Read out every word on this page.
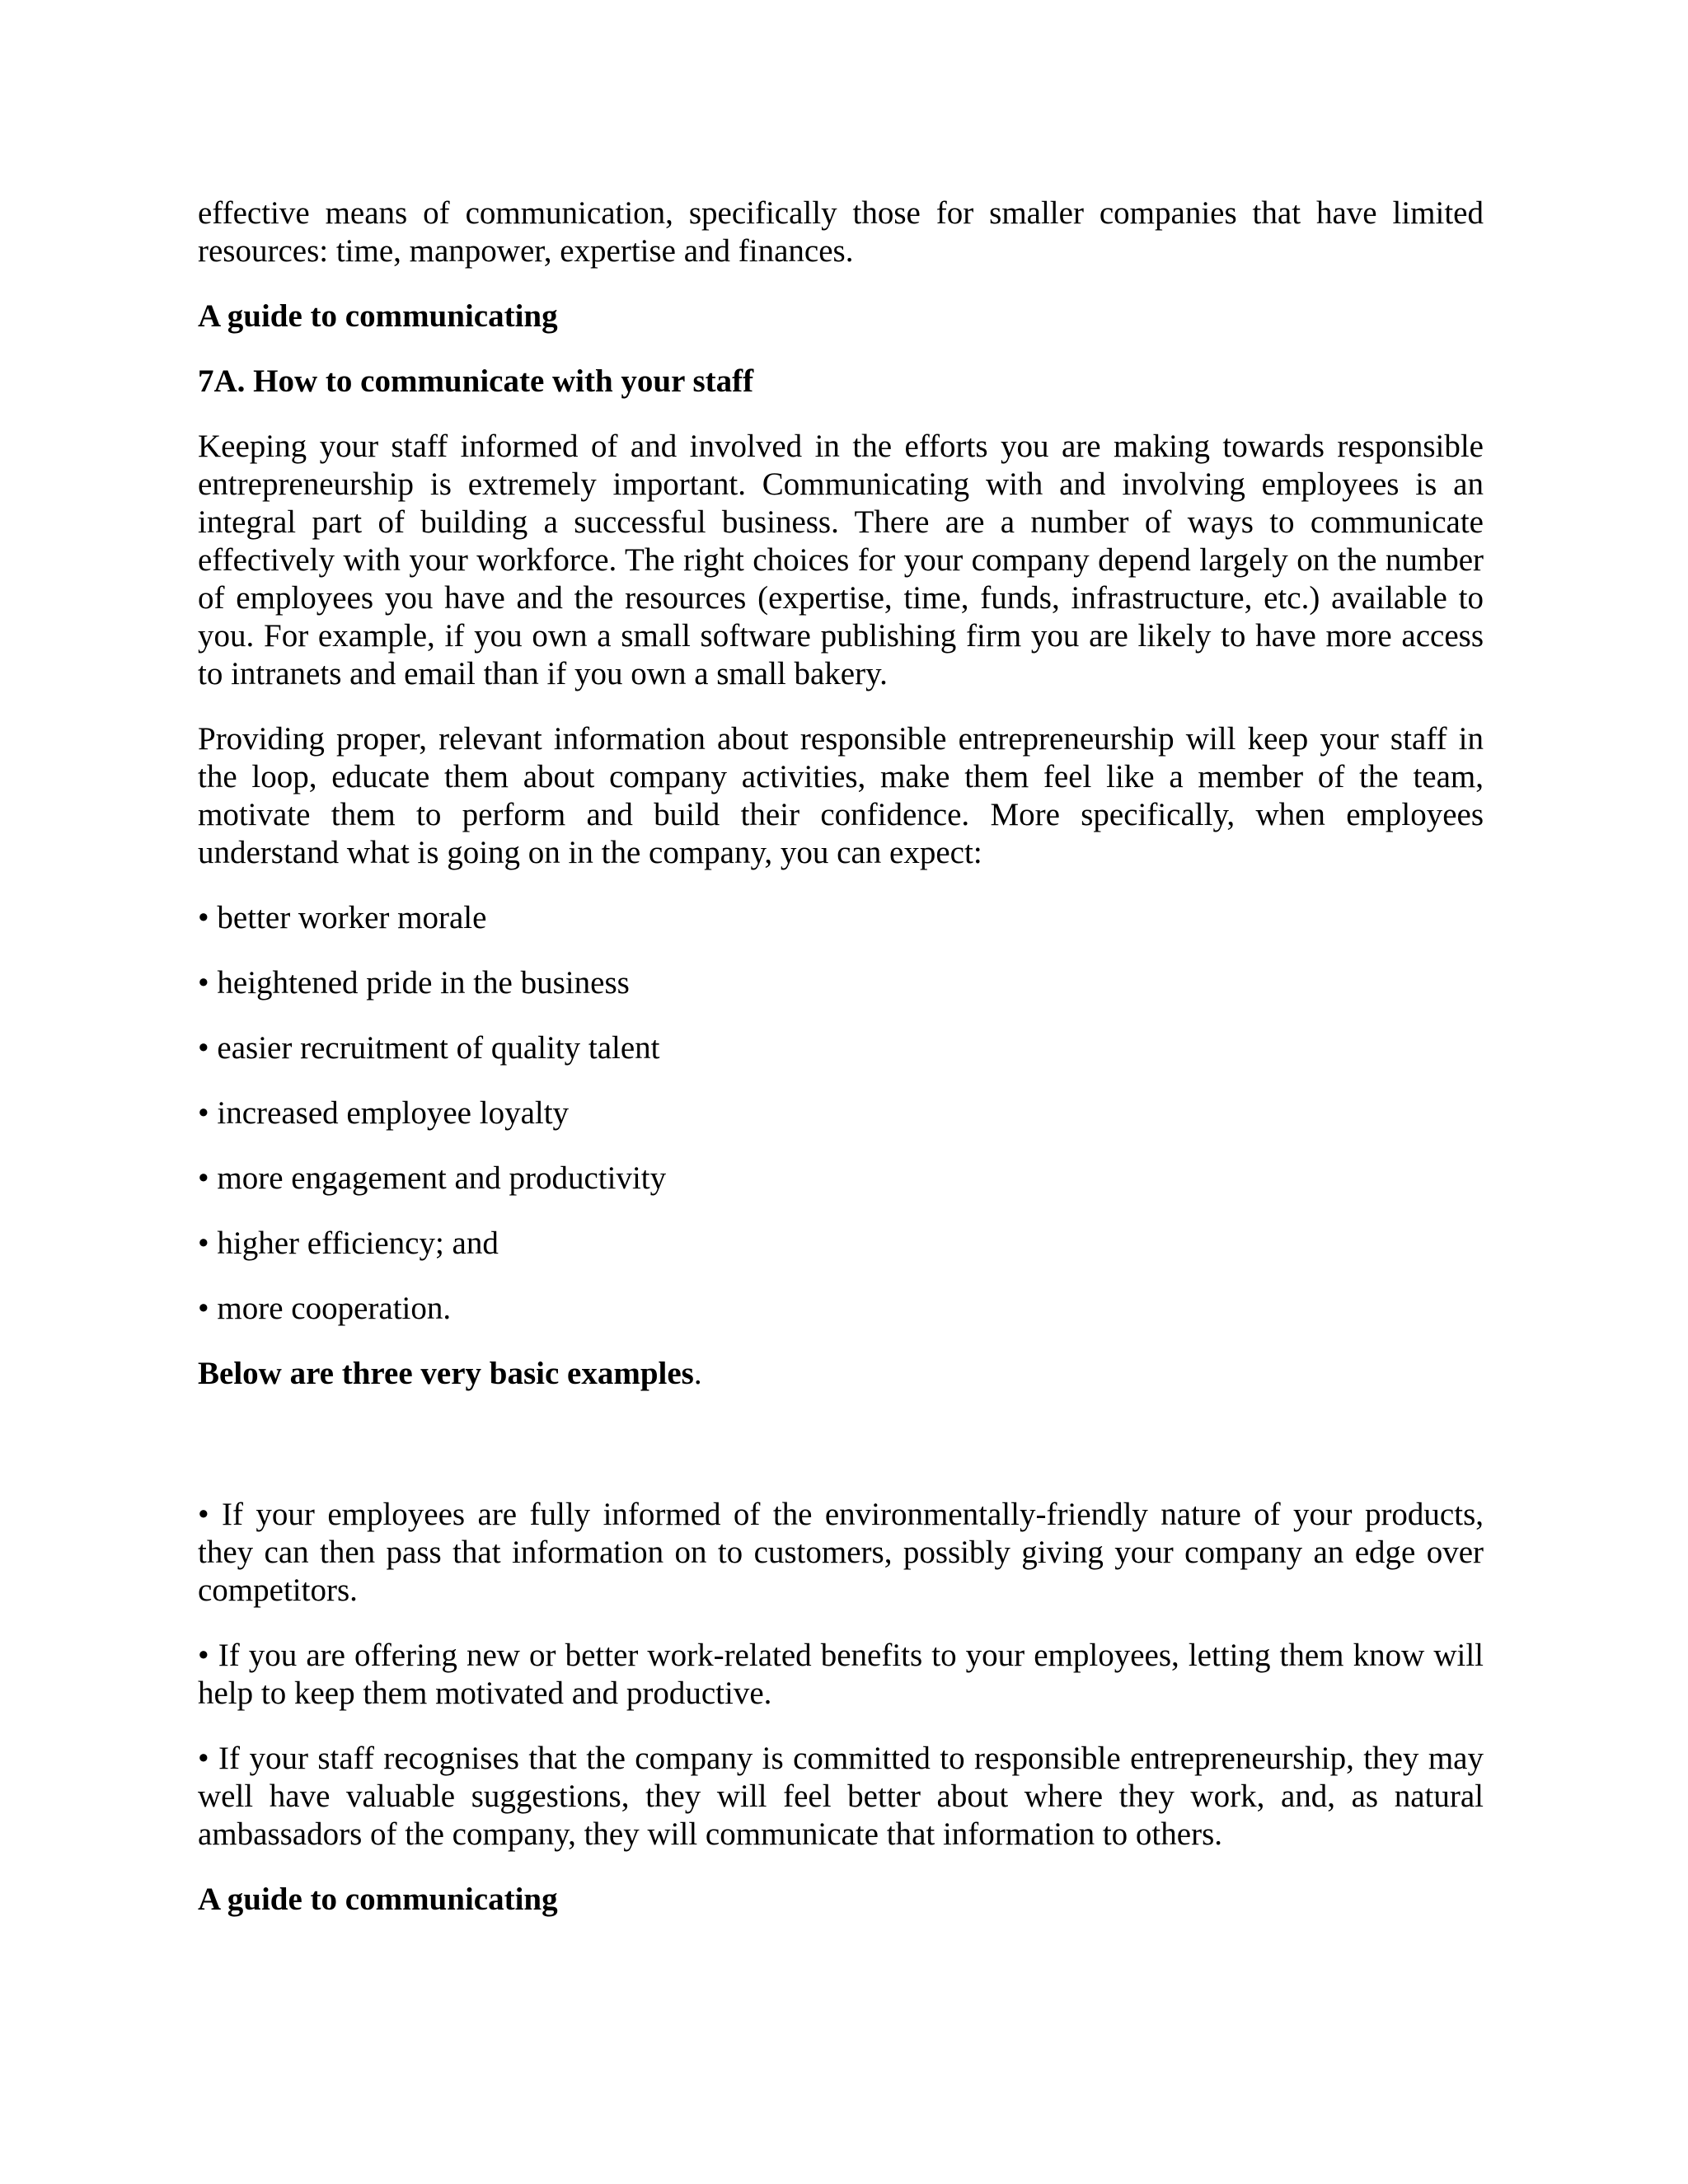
effective means of communication, specifically those for smaller companies that have limited resources: time, manpower, expertise and finances.

A guide to communicating

7A. How to communicate with your staff

Keeping your staff informed of and involved in the efforts you are making towards responsible entrepreneurship is extremely important. Communicating with and involving employees is an integral part of building a successful business. There are a number of ways to communicate effectively with your workforce. The right choices for your company depend largely on the number of employees you have and the resources (expertise, time, funds, infrastructure, etc.) available to you. For example, if you own a small software publishing firm you are likely to have more access to intranets and email than if you own a small bakery.

Providing proper, relevant information about responsible entrepreneurship will keep your staff in the loop, educate them about company activities, make them feel like a member of the team, motivate them to perform and build their confidence. More specifically, when employees understand what is going on in the company, you can expect:

• better worker morale

• heightened pride in the business

• easier recruitment of quality talent

• increased employee loyalty

• more engagement and productivity

• higher efficiency; and

• more cooperation.

Below are three very basic examples.

• If your employees are fully informed of the environmentally-friendly nature of your products, they can then pass that information on to customers, possibly giving your company an edge over competitors.

• If you are offering new or better work-related benefits to your employees, letting them know will help to keep them motivated and productive.

• If your staff recognises that the company is committed to responsible entrepreneurship, they may well have valuable suggestions, they will feel better about where they work, and, as natural ambassadors of the company, they will communicate that information to others.

A guide to communicating
